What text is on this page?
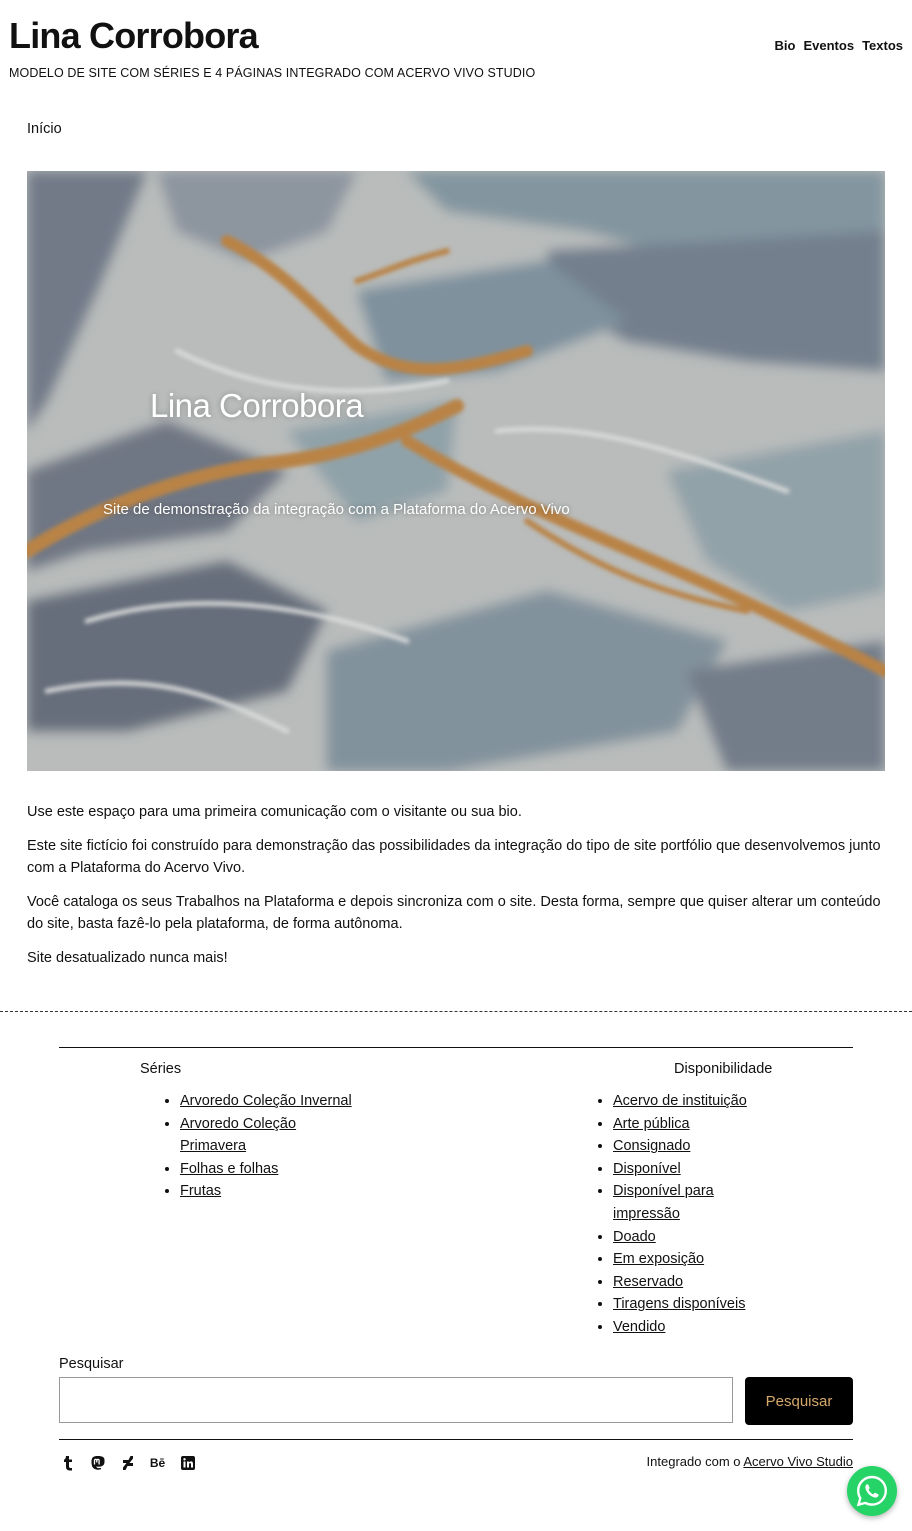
Lina Corrobora
MODELO DE SITE COM SÉRIES E 4 PÁGINAS INTEGRADO COM ACERVO VIVO STUDIO
Bio Eventos Textos
Início
Lina Corrobora
Site de demonstração da integração com a Plataforma do Acervo Vivo

Use este espaço para uma primeira comunicação com o visitante ou sua bio.

Este site fictício foi construído para demonstração das possibilidades da integração do tipo de site portfólio que desenvolvemos junto com a Plataforma do Acervo Vivo.

Você cataloga os seus Trabalhos na Plataforma e depois sincroniza com o site. Desta forma, sempre que quiser alterar um conteúdo do site, basta fazê-lo pela plataforma, de forma autônoma.

Site desatualizado nunca mais!

Séries
• Arvoredo Coleção Invernal
• Arvoredo Coleção Primavera
• Folhas e folhas
• Frutas
Disponibilidade
• Acervo de instituição
• Arte pública
• Consignado
• Disponível
• Disponível para impressão
• Doado
• Em exposição
• Reservado
• Tiragens disponíveis
• Vendido
Pesquisar
Pesquisar
Bē	Integrado com o Acervo Vivo Studio
